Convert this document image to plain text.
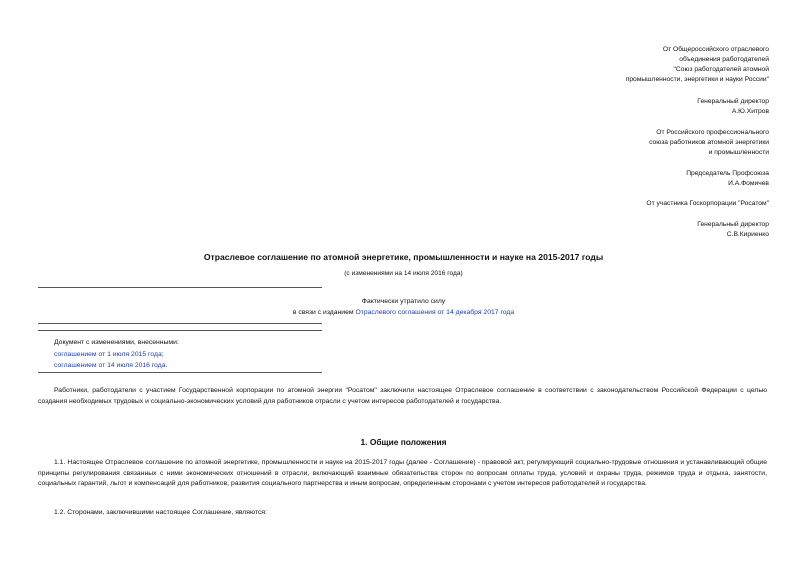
От Общероссийского отраслевого
объединения работодателей
"Союз работодателей атомной
промышленности, энергетики и науки России"
Генеральный директор
А.Ю.Хитров
От Российского профессионального
союза работников атомной энергетики
и промышленности
Председатель Профсоюза
И.А.Фомичев
От участника Госкорпорации "Росатом"
Генеральный директор
С.В.Кириенко
Отраслевое соглашение по атомной энергетике, промышленности и науке на 2015-2017 годы
(с изменениями на 14 июля 2016 года)
Фактически утратило силу
в связи с изданием Отраслевого соглашения от 14 декабря 2017 года
Документ с изменениями, внесенными:
соглашением от 1 июля 2015 года;
соглашением от 14 июля 2016 года.
Работники, работодатели с участием Государственной корпорации по атомной энергии "Росатом" заключили настоящее Отраслевое соглашение в соответствии с законодательством Российской Федерации с целью создания необходимых трудовых и социально-экономических условий для работников отрасли с учетом интересов работодателей и государства.
1. Общие положения
1.1. Настоящее Отраслевое соглашение по атомной энергетике, промышленности и науке на 2015-2017 годы (далее - Соглашение) - правовой акт, регулирующий социально-трудовые отношения и устанавливающий общие принципы регулирования связанных с ними экономических отношений в отрасли, включающий взаимные обязательства сторон по вопросам оплаты труда, условий и охраны труда, режимов труда и отдыха, занятости, социальных гарантий, льгот и компенсаций для работников, развития социального партнерства и иным вопросам, определенным сторонами с учетом интересов работодателей и государства.
1.2. Сторонами, заключившими настоящее Соглашение, являются:
